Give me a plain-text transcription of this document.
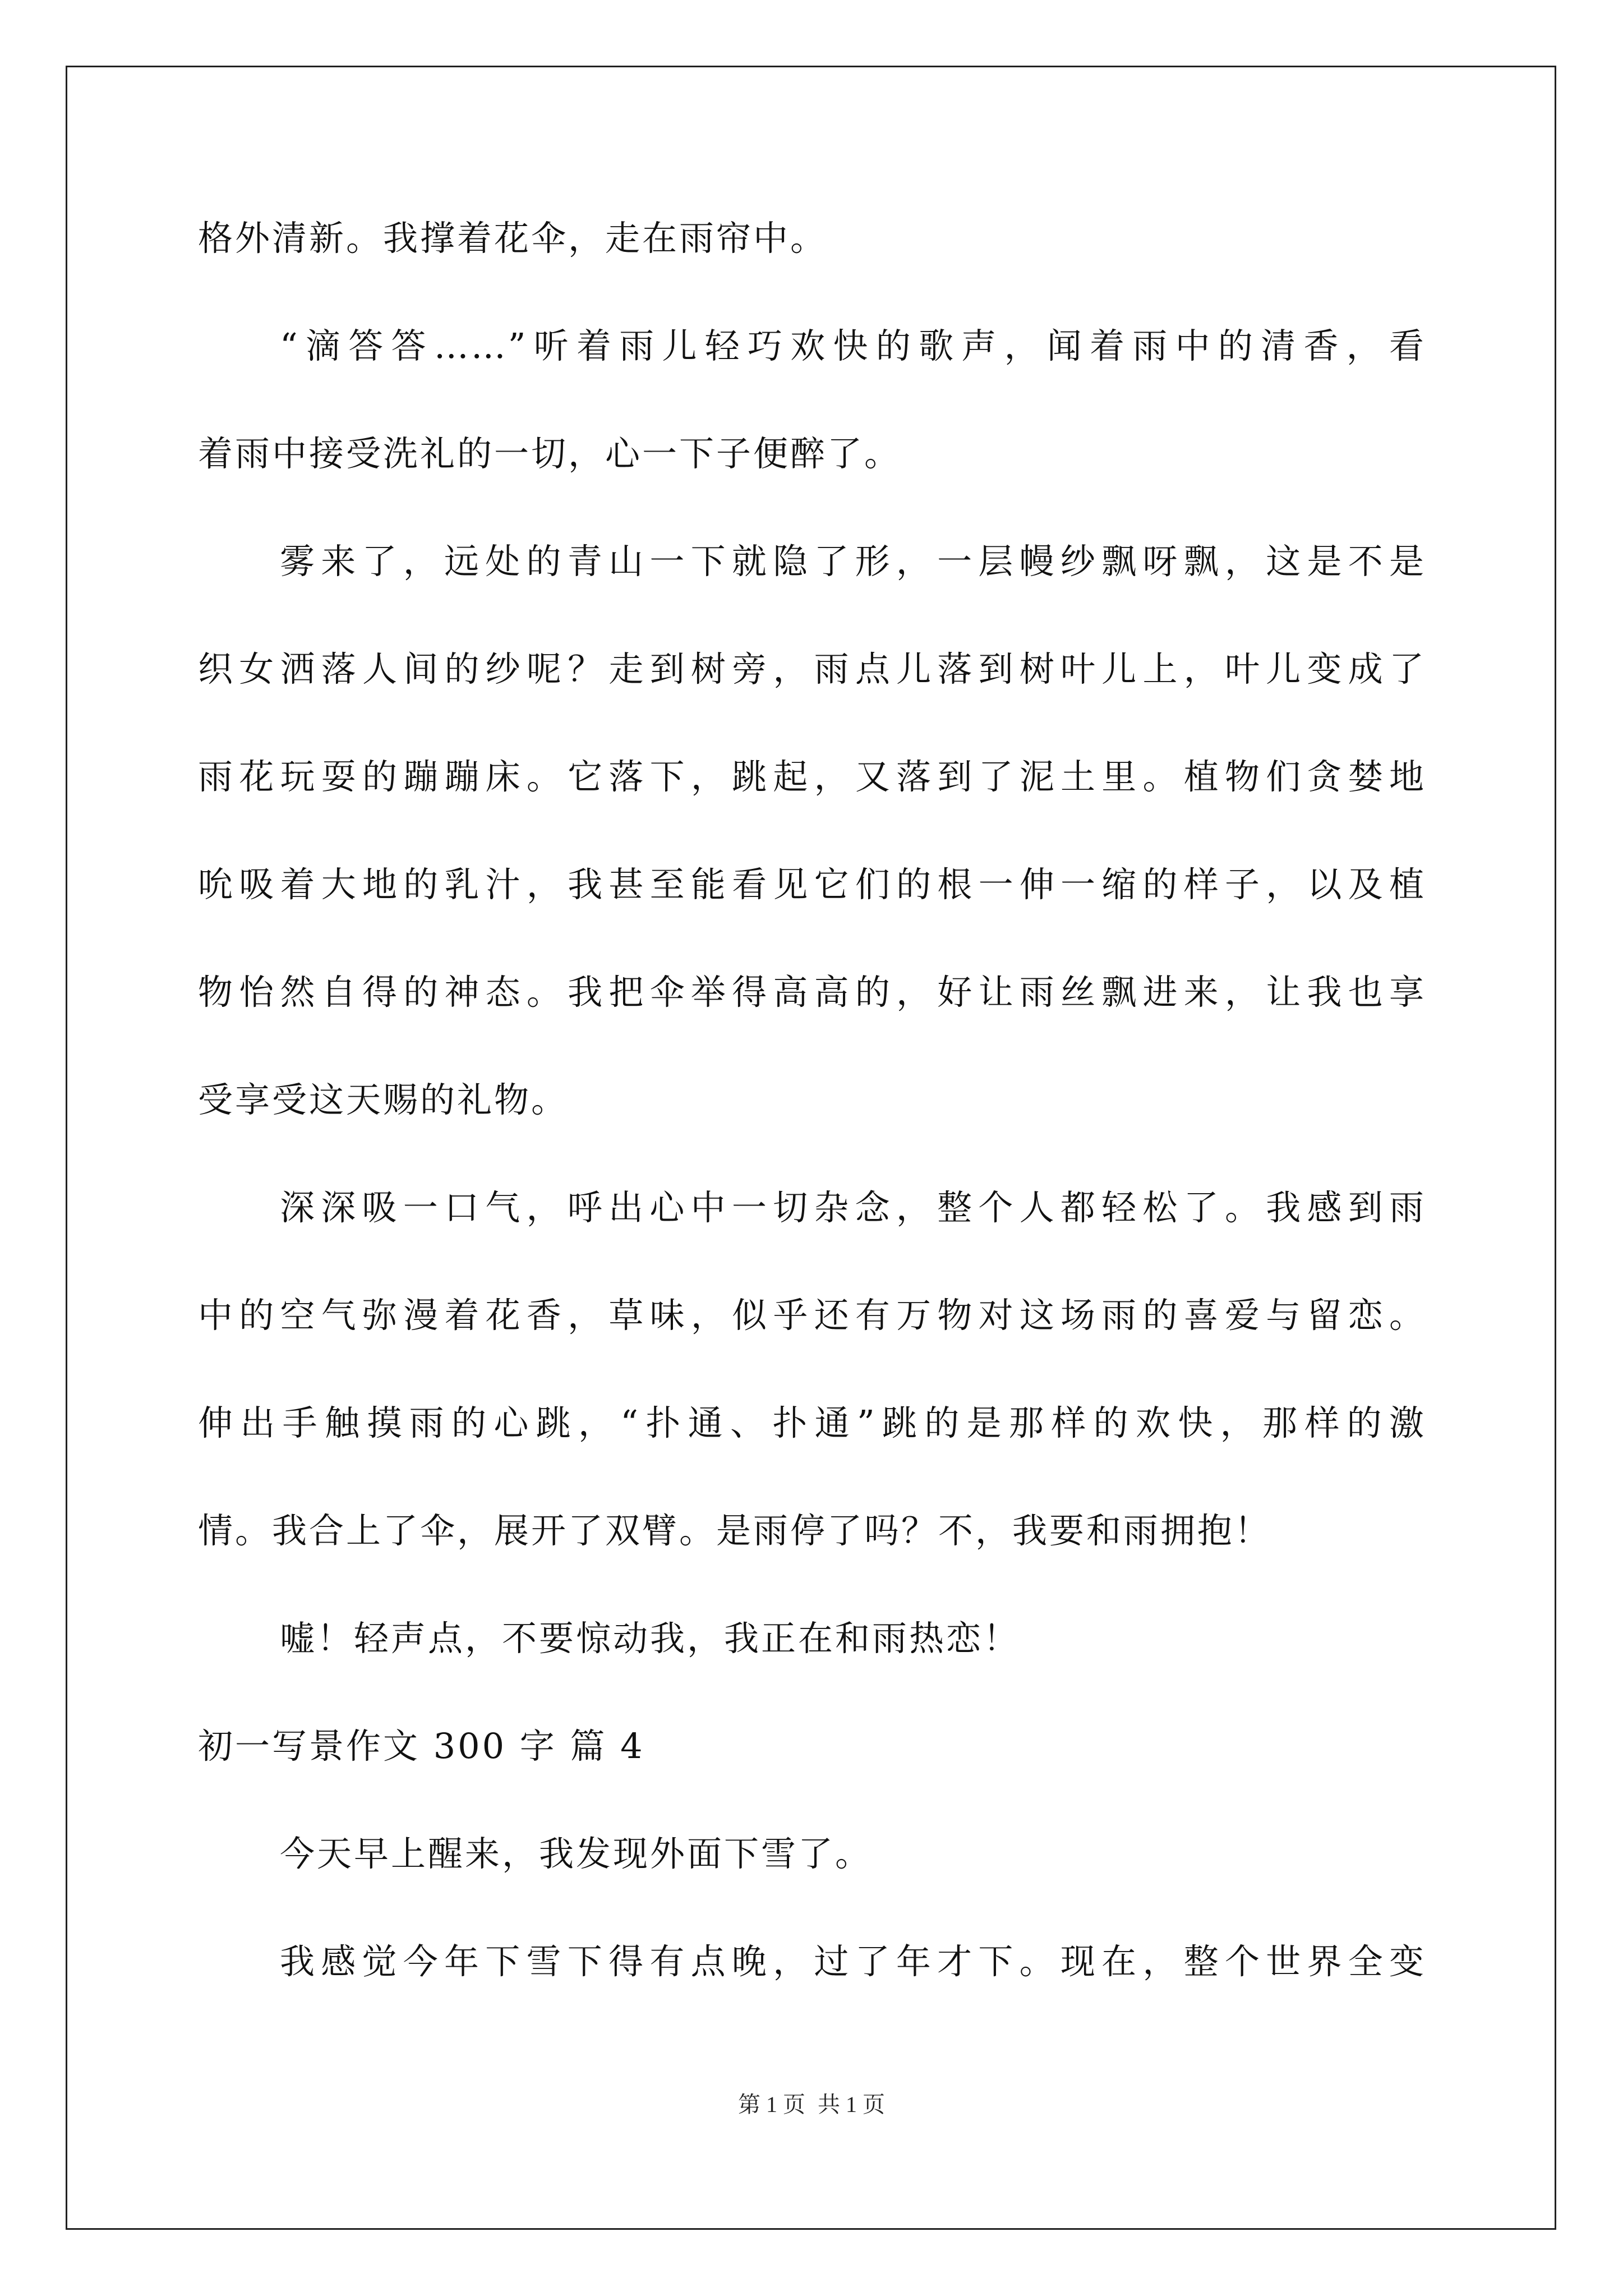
格外清新。我撑着花伞，走在雨帘中。
“滴答答……”听着雨儿轻巧欢快的歌声，闻着雨中的清香，看
着雨中接受洗礼的一切，心一下子便醉了。
雾来了，远处的青山一下就隐了形，一层幔纱飘呀飘，这是不是
织女洒落人间的纱呢？走到树旁，雨点儿落到树叶儿上，叶儿变成了
雨花玩耍的蹦蹦床。它落下，跳起，又落到了泥土里。植物们贪婪地
吮吸着大地的乳汁，我甚至能看见它们的根一伸一缩的样子，以及植
物怡然自得的神态。我把伞举得高高的，好让雨丝飘进来，让我也享
受享受这天赐的礼物。
深深吸一口气，呼出心中一切杂念，整个人都轻松了。我感到雨
中的空气弥漫着花香，草味，似乎还有万物对这场雨的喜爱与留恋。
伸出手触摸雨的心跳，“扑通、扑通”跳的是那样的欢快，那样的激
情。我合上了伞，展开了双臂。是雨停了吗？不，我要和雨拥抱！
嘘！轻声点，不要惊动我，我正在和雨热恋！
初一写景作文 300 字 篇 4
今天早上醒来，我发现外面下雪了。
我感觉今年下雪下得有点晚，过了年才下。现在，整个世界全变
第 1 页 共 1 页
